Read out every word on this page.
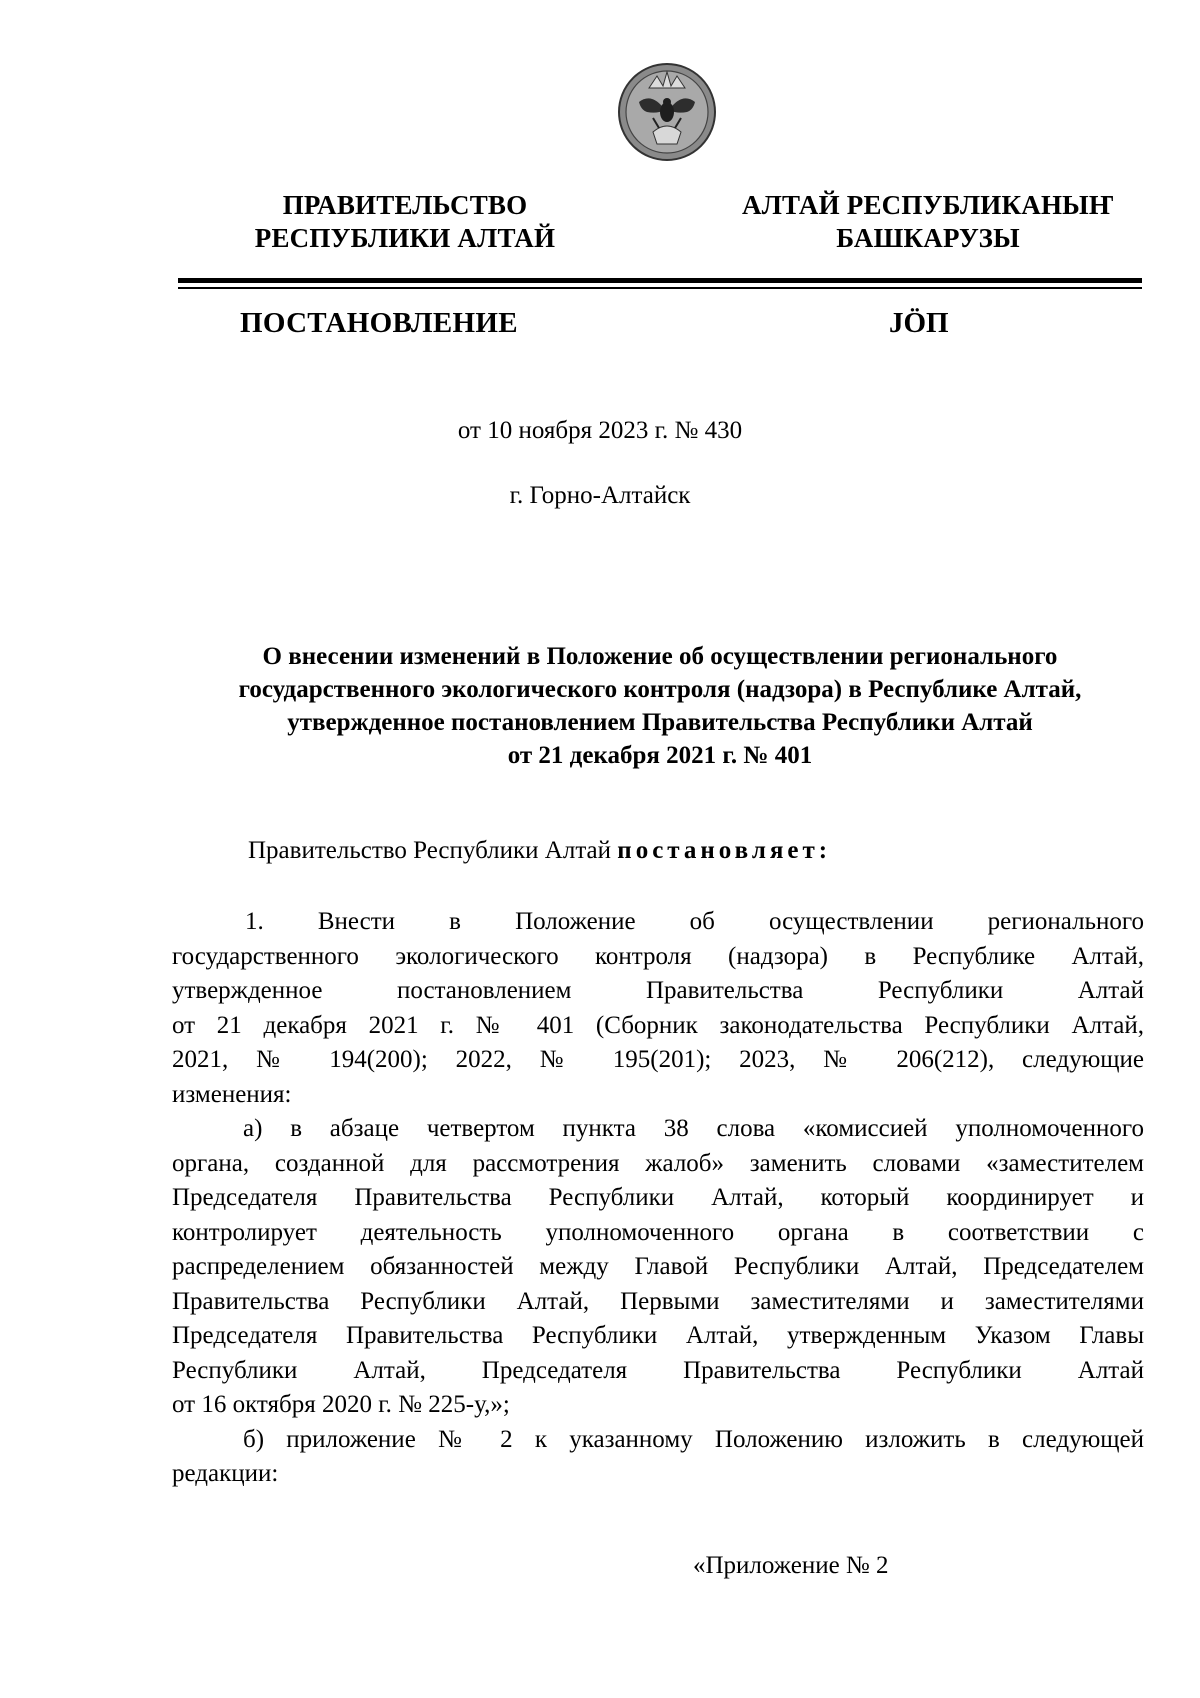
ПРАВИТЕЛЬСТВО
РЕСПУБЛИКИ АЛТАЙ
АЛТАЙ РЕСПУБЛИКАНЫҤ
БАШКАРУЗЫ
ПОСТАНОВЛЕНИЕ	JӦП
от 10 ноября 2023 г. № 430
г. Горно-Алтайск
О внесении изменений в Положение об осуществлении регионального
государственного экологического контроля (надзора) в Республике Алтай,
утвержденное постановлением Правительства Республики Алтай
от 21 декабря 2021 г. № 401
Правительство Республики Алтай постановляет:
1. Внести в Положение об осуществлении регионального
государственного экологического контроля (надзора) в Республике Алтай,
утвержденное постановлением Правительства Республики Алтай
от 21 декабря 2021 г. № 401 (Сборник законодательства Республики Алтай,
2021, № 194(200); 2022, № 195(201); 2023, № 206(212), следующие
изменения:
а) в абзаце четвертом пункта 38 слова «комиссией уполномоченного
органа, созданной для рассмотрения жалоб» заменить словами «заместителем
Председателя Правительства Республики Алтай, который координирует и
контролирует деятельность уполномоченного органа в соответствии с
распределением обязанностей между Главой Республики Алтай, Председателем
Правительства Республики Алтай, Первыми заместителями и заместителями
Председателя Правительства Республики Алтай, утвержденным Указом Главы
Республики Алтай, Председателя Правительства Республики Алтай
от 16 октября 2020 г. № 225-у,»;
б) приложение № 2 к указанному Положению изложить в следующей
редакции:
«Приложение № 2
